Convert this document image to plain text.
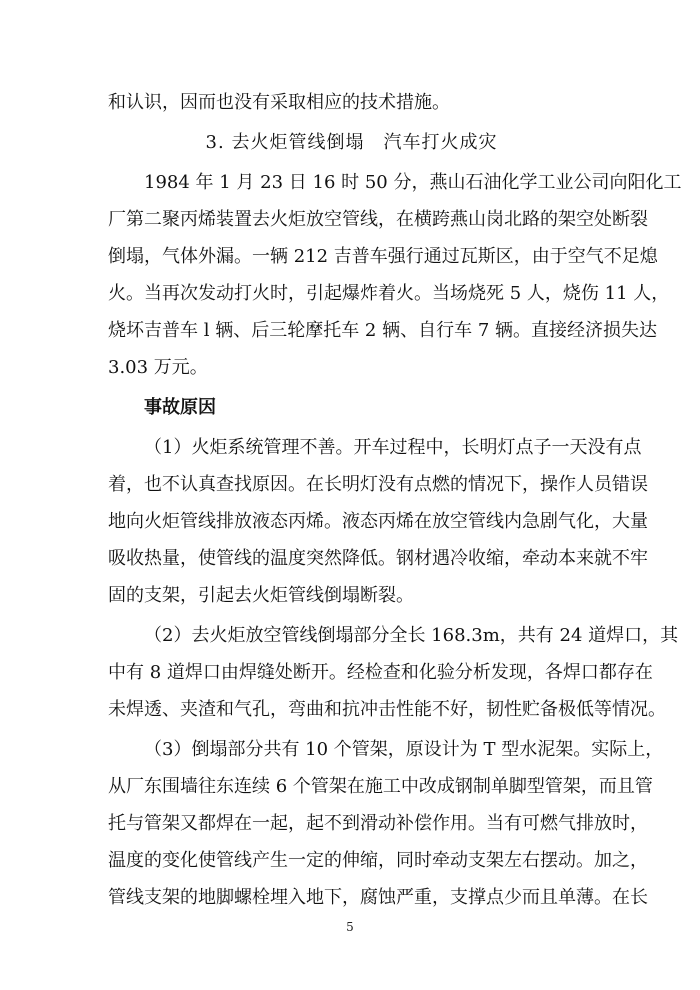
和认识，因而也没有采取相应的技术措施。

3. 去火炬管线倒塌　汽车打火成灾

1984 年 1 月 23 日 16 时 50 分，燕山石油化学工业公司向阳化工

厂第二聚丙烯装置去火炬放空管线，在横跨燕山岗北路的架空处断裂

倒塌，气体外漏。一辆 212 吉普车强行通过瓦斯区，由于空气不足熄

火。当再次发动打火时，引起爆炸着火。当场烧死 5 人，烧伤 11 人，

烧坏吉普车 l 辆、后三轮摩托车 2 辆、自行车 7 辆。直接经济损失达

3.03 万元。

事故原因

（1）火炬系统管理不善。开车过程中，长明灯点子一天没有点

着，也不认真查找原因。在长明灯没有点燃的情况下，操作人员错误

地向火炬管线排放液态丙烯。液态丙烯在放空管线内急剧气化，大量

吸收热量，使管线的温度突然降低。钢材遇冷收缩，牵动本来就不牢

固的支架，引起去火炬管线倒塌断裂。

（2）去火炬放空管线倒塌部分全长 168.3m，共有 24 道焊口，其

中有 8 道焊口由焊缝处断开。经检查和化验分析发现，各焊口都存在

未焊透、夹渣和气孔，弯曲和抗冲击性能不好，韧性贮备极低等情况。

（3）倒塌部分共有 10 个管架，原设计为 T 型水泥架。实际上，

从厂东围墙往东连续 6 个管架在施工中改成钢制单脚型管架，而且管

托与管架又都焊在一起，起不到滑动补偿作用。当有可燃气排放时，

温度的变化使管线产生一定的伸缩，同时牵动支架左右摆动。加之，

管线支架的地脚螺栓埋入地下，腐蚀严重，支撑点少而且单薄。在长

5
